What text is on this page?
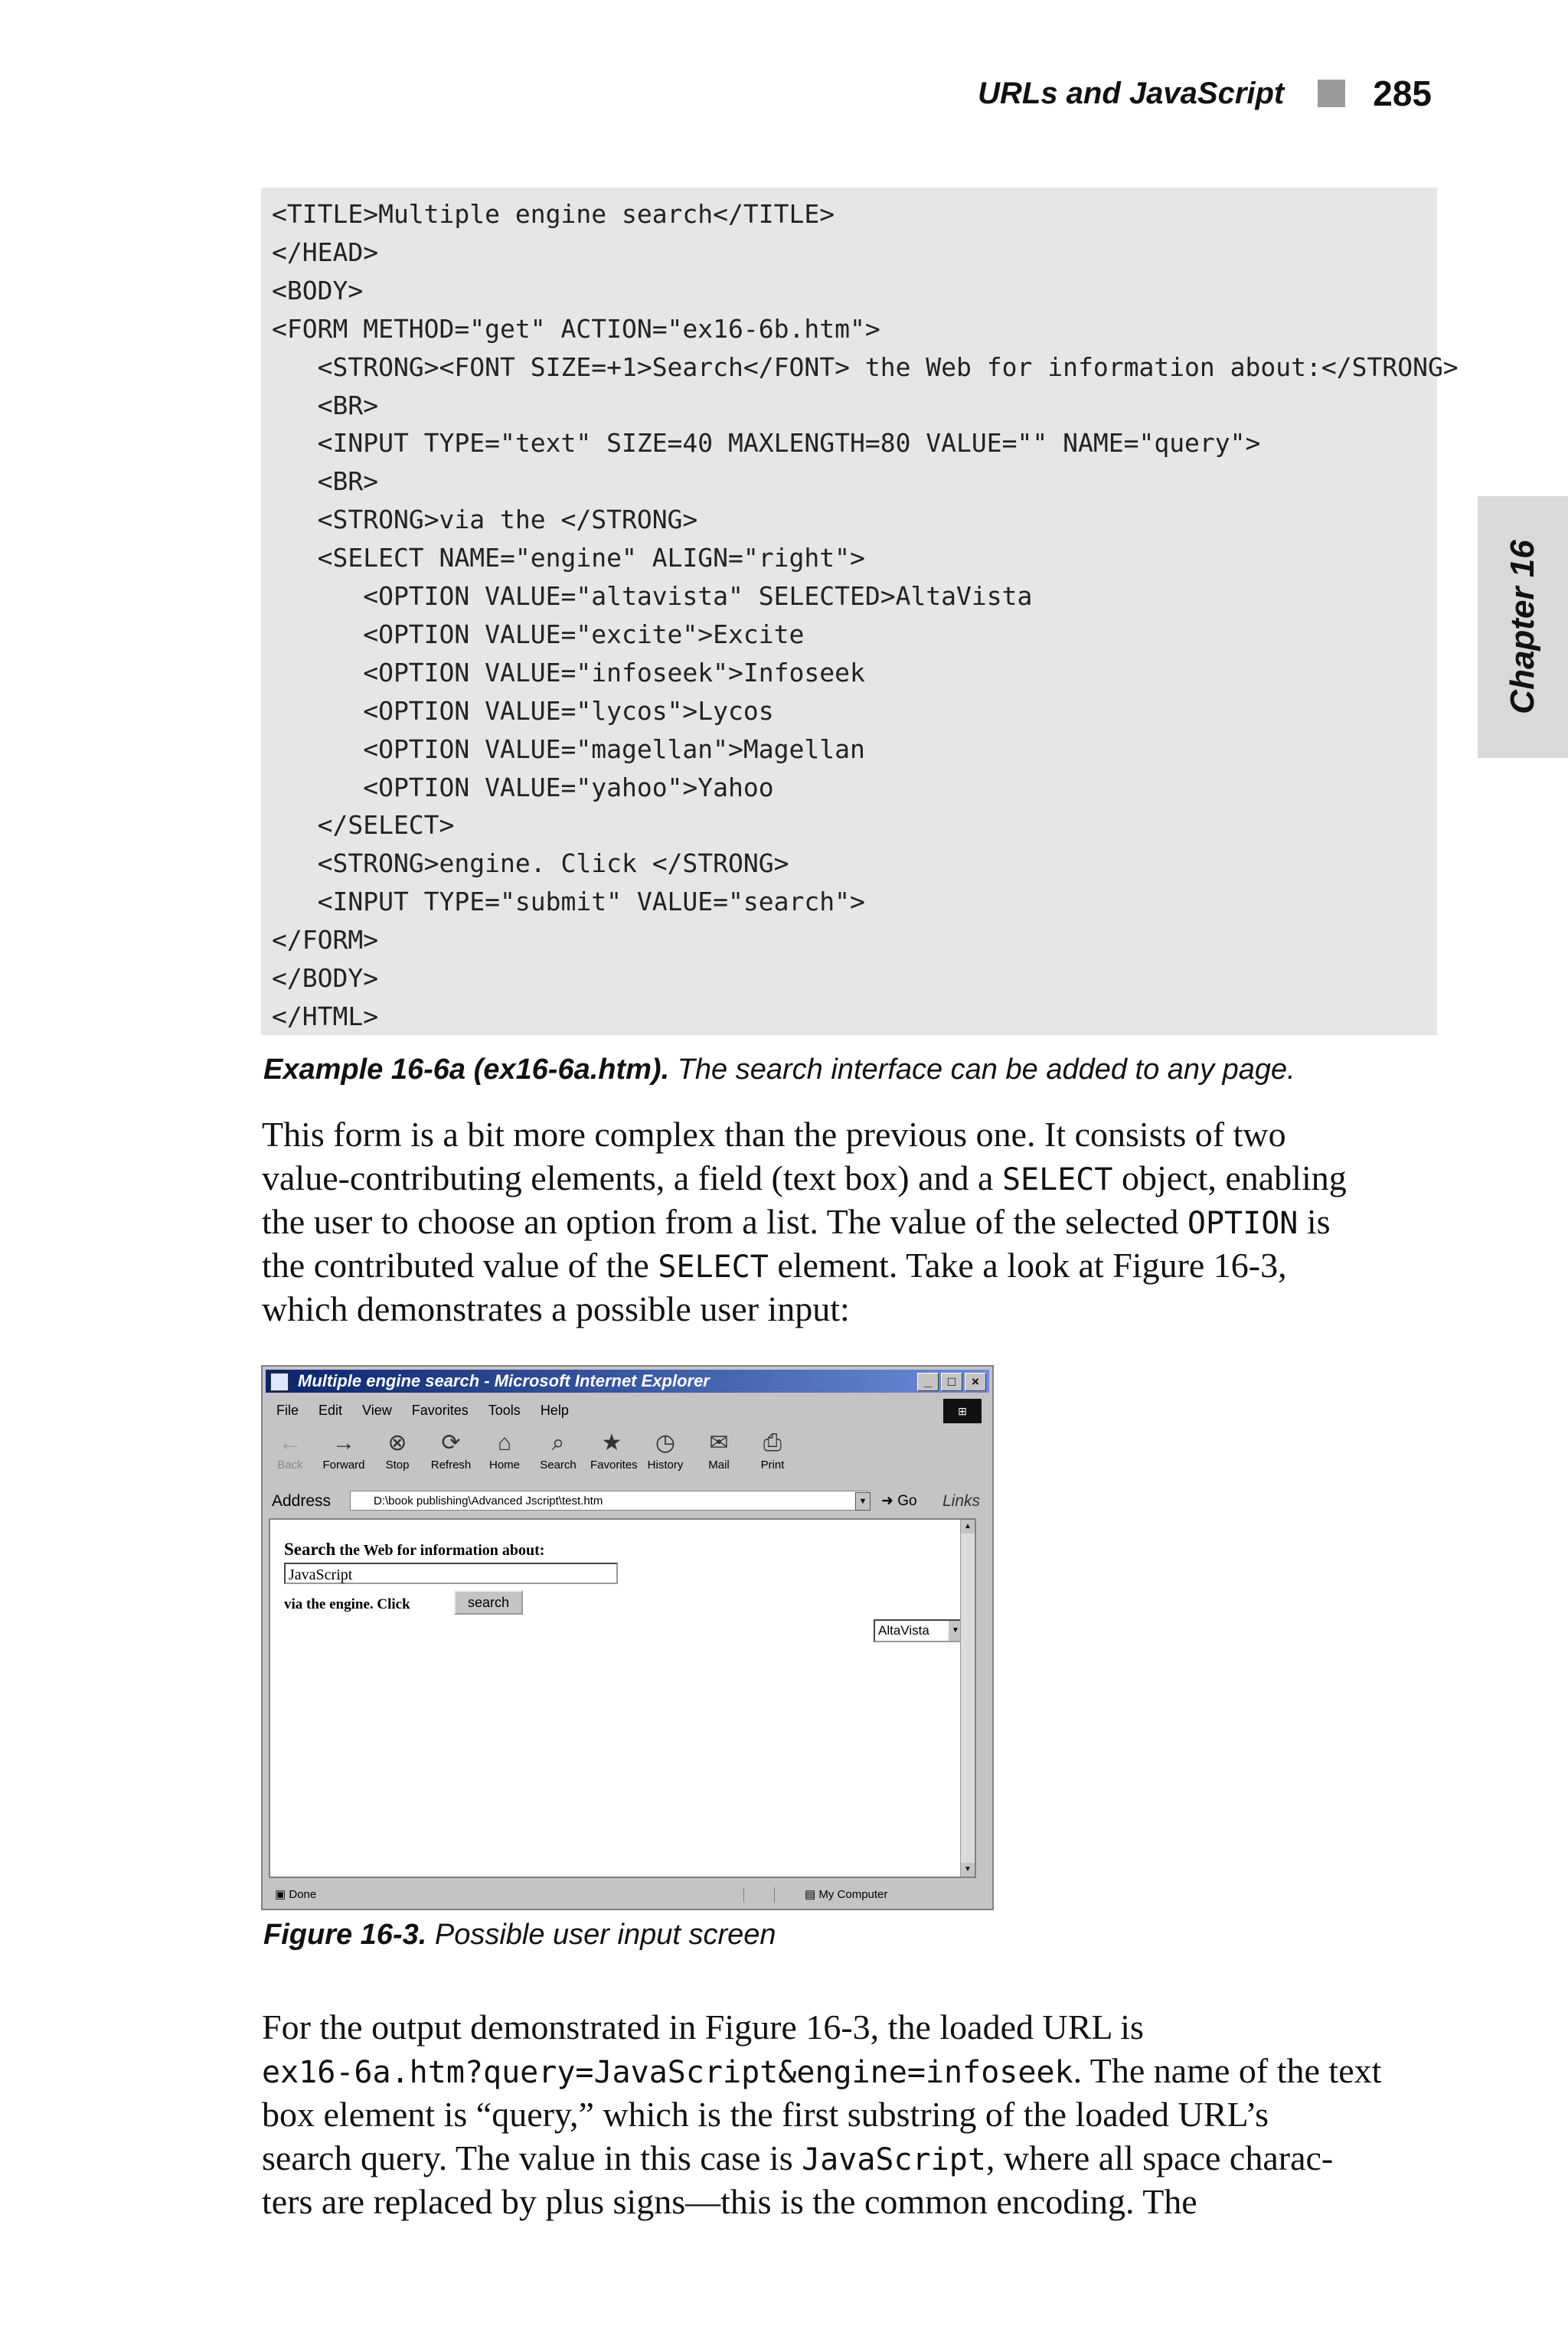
URLs and JavaScript	285
Chapter 16
<TITLE>Multiple engine search</TITLE>
</HEAD>
<BODY>
<FORM METHOD="get" ACTION="ex16-6b.htm">
<STRONG><FONT SIZE=+1>Search</FONT> the Web for information about:</STRONG>
<BR>
<INPUT TYPE="text" SIZE=40 MAXLENGTH=80 VALUE="" NAME="query">
<BR>
<STRONG>via the </STRONG>
<SELECT NAME="engine" ALIGN="right">
<OPTION VALUE="altavista" SELECTED>AltaVista
<OPTION VALUE="excite">Excite
<OPTION VALUE="infoseek">Infoseek
<OPTION VALUE="lycos">Lycos
<OPTION VALUE="magellan">Magellan
<OPTION VALUE="yahoo">Yahoo
</SELECT>
<STRONG>engine. Click </STRONG>
<INPUT TYPE="submit" VALUE="search">
</FORM>
</BODY>
</HTML>
Example 16-6a (ex16-6a.htm). The search interface can be added to any page.
This form is a bit more complex than the previous one. It consists of two
value-contributing elements, a field (text box) and a SELECT object, enabling
the user to choose an option from a list. The value of the selected OPTION is
the contributed value of the SELECT element. Take a look at Figure 16-3,
which demonstrates a possible user input:
Multiple engine search - Microsoft Internet Explorer	_	□	×
File Edit View Favorites Tools Help	⊞
←
Back
→
Forward
⊗
Stop
⟳
Refresh
⌂
Home
⌕
Search
★
Favorites
◷
History
✉
Mail
⎙
Print
Address	D:\book publishing\Advanced Jscript\test.htm	▼ ➜ Go Links
Search the Web for information about:
JavaScript
via the engine. Click	search
AltaVista	▼
▲
▼
▣ Done	▤ My Computer
Figure 16-3. Possible user input screen
For the output demonstrated in Figure 16-3, the loaded URL is
ex16-6a.htm?query=JavaScript&engine=infoseek. The name of the text
box element is “query,” which is the first substring of the loaded URL’s
search query. The value in this case is JavaScript, where all space charac-
ters are replaced by plus signs—this is the common encoding. The
